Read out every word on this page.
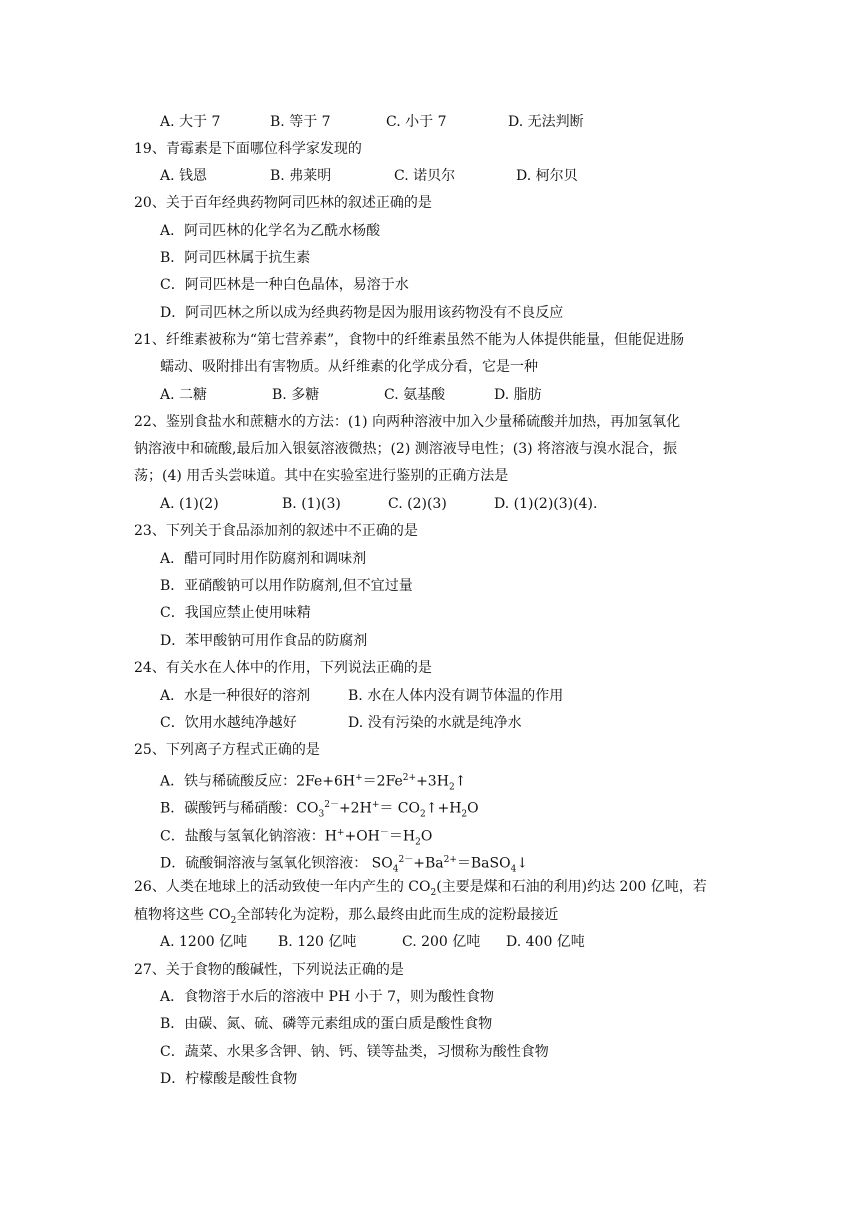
A. 大于 7	B. 等于 7	C. 小于 7	D. 无法判断
19、青霉素是下面哪位科学家发现的
A. 钱恩	B. 弗莱明	C. 诺贝尔	D. 柯尔贝
20、关于百年经典药物阿司匹林的叙述正确的是
A．阿司匹林的化学名为乙酰水杨酸
B．阿司匹林属于抗生素
C．阿司匹林是一种白色晶体，易溶于水
D．阿司匹林之所以成为经典药物是因为服用该药物没有不良反应
21、纤维素被称为“第七营养素”，食物中的纤维素虽然不能为人体提供能量，但能促进肠
蠕动、吸附排出有害物质。从纤维素的化学成分看，它是一种
A. 二糖	B. 多糖	C. 氨基酸	D. 脂肪
22、鉴别食盐水和蔗糖水的方法：(1) 向两种溶液中加入少量稀硫酸并加热，再加氢氧化
钠溶液中和硫酸,最后加入银氨溶液微热；(2) 测溶液导电性；(3) 将溶液与溴水混合，振
荡；(4) 用舌头尝味道。其中在实验室进行鉴别的正确方法是
A. (1)(2)	B. (1)(3)	C. (2)(3)	D. (1)(2)(3)(4).
23、下列关于食品添加剂的叙述中不正确的是
A．醋可同时用作防腐剂和调味剂
B．亚硝酸钠可以用作防腐剂,但不宜过量
C．我国应禁止使用味精
D．苯甲酸钠可用作食品的防腐剂
24、有关水在人体中的作用，下列说法正确的是
A．水是一种很好的溶剂	B. 水在人体内没有调节体温的作用
C．饮用水越纯净越好	D. 没有污染的水就是纯净水
25、下列离子方程式正确的是
A．铁与稀硫酸反应：$2Fe+6H^+=2Fe^{2+}+3H_2↑$
B．碳酸钙与稀硝酸：$CO_3^{2-}+2H^+=$ $CO_2↑+H_2O$
C．盐酸与氢氧化钠溶液：$H^++OH^-=H_2O$
D．硫酸铜溶液与氢氧化钡溶液： $SO_4^{2-}+Ba^{2+}=BaSO_4↓$
26、人类在地球上的活动致使一年内产生的 $CO_2$(主要是煤和石油的利用)约达 200 亿吨，若
植物将这些 $CO_2$全部转化为淀粉，那么最终由此而生成的淀粉最接近
A. 1200 亿吨 B. 120 亿吨	C. 200 亿吨 D. 400 亿吨
27、关于食物的酸碱性，下列说法正确的是
A．食物溶于水后的溶液中 PH 小于 7，则为酸性食物
B．由碳、氮、硫、磷等元素组成的蛋白质是酸性食物
C．蔬菜、水果多含钾、钠、钙、镁等盐类，习惯称为酸性食物
D．柠檬酸是酸性食物
